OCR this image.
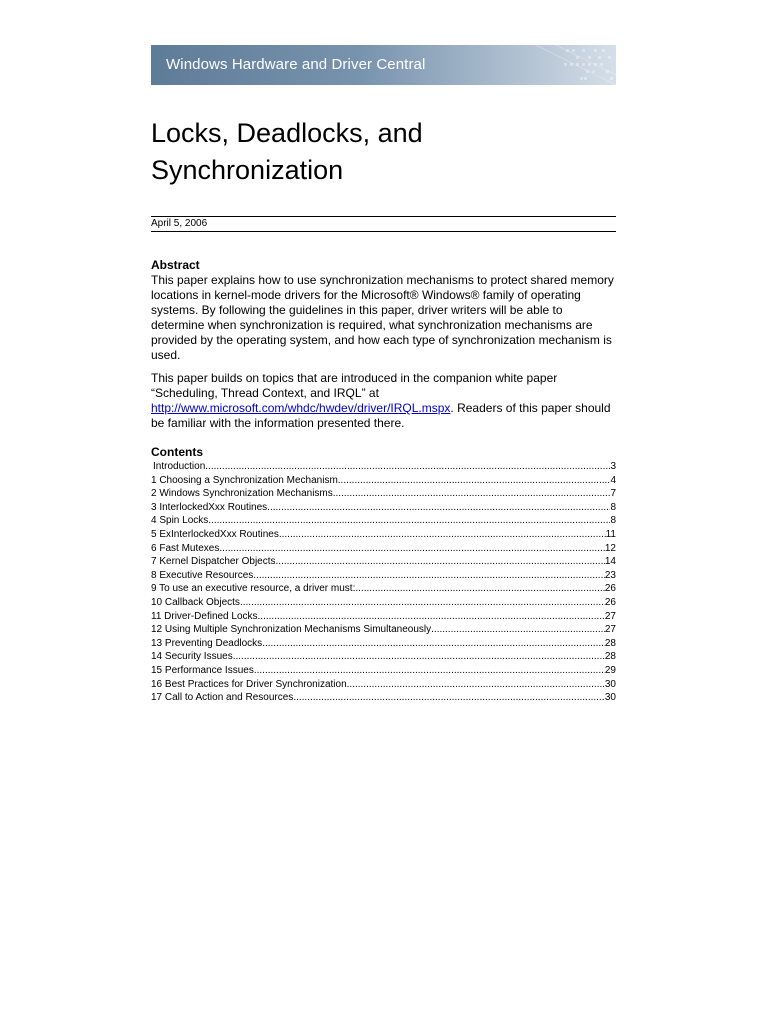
Windows Hardware and Driver Central
Locks, Deadlocks, and
Synchronization
April 5, 2006
Abstract

This paper explains how to use synchronization mechanisms to protect shared memory locations in kernel-mode drivers for the Microsoft® Windows® family of operating systems. By following the guidelines in this paper, driver writers will be able to determine when synchronization is required, what synchronization mechanisms are provided by the operating system, and how each type of synchronization mechanism is used.

This paper builds on topics that are introduced in the companion white paper “Scheduling, Thread Context, and IRQL” at http://www.microsoft.com/whdc/hwdev/driver/IRQL.mspx. Readers of this paper should be familiar with the information presented there.

Contents
Introduction .....	3
1 Choosing a Synchronization Mechanism .....	4
2 Windows Synchronization Mechanisms .....	7
3 InterlockedXxx Routines .....	8
4 Spin Locks .....	8
5 ExInterlockedXxx Routines .....	11
6 Fast Mutexes .....	12
7 Kernel Dispatcher Objects .....	14
8 Executive Resources .....	23
9 To use an executive resource, a driver must: .....	26
10 Callback Objects .....	26
11 Driver-Defined Locks .....	27
12 Using Multiple Synchronization Mechanisms Simultaneously .....	27
13 Preventing Deadlocks .....	28
14 Security Issues .....	28
15 Performance Issues .....	29
16 Best Practices for Driver Synchronization .....	30
17 Call to Action and Resources .....	30
